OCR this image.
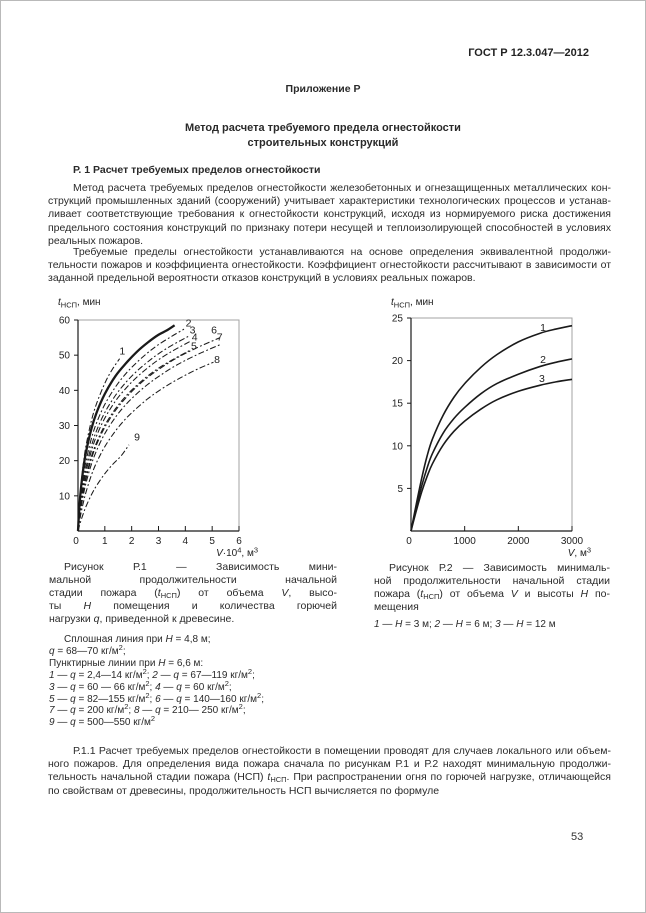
ГОСТ Р 12.3.047—2012
Приложение Р
Метод расчета требуемого предела огнестойкости
строительных конструкций
Р. 1 Расчет требуемых пределов огнестойкости
Метод расчета требуемых пределов огнестойкости железобетонных и огнезащищенных металлических кон-
струкций промышленных зданий (сооружений) учитывает характеристики технологических процессов и устанав-
ливает соответствующие требования к огнестойкости конструкций, исходя из нормируемого риска достижения
предельного состояния конструкций по признаку потери несущей и теплоизолирующей способностей в условиях
реальных пожаров.
Требуемые пределы огнестойкости устанавливаются на основе определения эквивалентной продолжи-
тельности пожаров и коэффициента огнестойкости. Коэффициент огнестойкости рассчитывают в зависимости от
заданной предельной вероятности отказов конструкций в условиях реальных пожаров.
10
20
30
40
50
60
1 2 3 4 5 6
0
$t_{НСП}$, мин
$V\cdot 10^4$, $м^3$
1
2
3
4
5
6
7
8
9
5
10
15
20
25
1000	2000	3000
0
$t_{НСП}$, мин
V, $м^3$
1
2
3
Рисунок Р.1 — Зависимость мини-
мальной продолжительности начальной
стадии пожара $(t_{НСП})$ от объема V, высо-
ты H помещения и количества горючей
нагрузки q, приведенной к древесине.
Сплошная линия при H = 4,8 м;
q = 68—70 $кг/м^2$;
Пунктирные линии при H = 6,6 м:
1 — q = 2,4—14 $кг/м^2$; 2 — q = 67—119 $кг/м^2$;
3 — q = 60 — 66 $кг/м^2$; 4 — q = 60 $кг/м^2$;
5 — q = 82—155 $кг/м^2$; 6 — q = 140—160 $кг/м^2$;
7 — q = 200 $кг/м^2$; 8 — q = 210— 250 $кг/м^2$;
9 — q = 500—550 $кг/м^2$
Рисунок Р.2 — Зависимость минималь-
ной продолжительности начальной стадии
пожара $(t_{НСП})$ от объема V и высоты H по-
мещения
1 — H = 3 м; 2 — H = 6 м; 3 — H = 12 м
Р.1.1 Расчет требуемых пределов огнестойкости в помещении проводят для случаев локального или объем-
ного пожаров. Для определения вида пожара сначала по рисункам Р.1 и Р.2 находят минимальную продолжи-
тельность начальной стадии пожара (НСП) $t_{НСП}$. При распространении огня по горючей нагрузке, отличающейся
по свойствам от древесины, продолжительность НСП вычисляется по формуле
53
